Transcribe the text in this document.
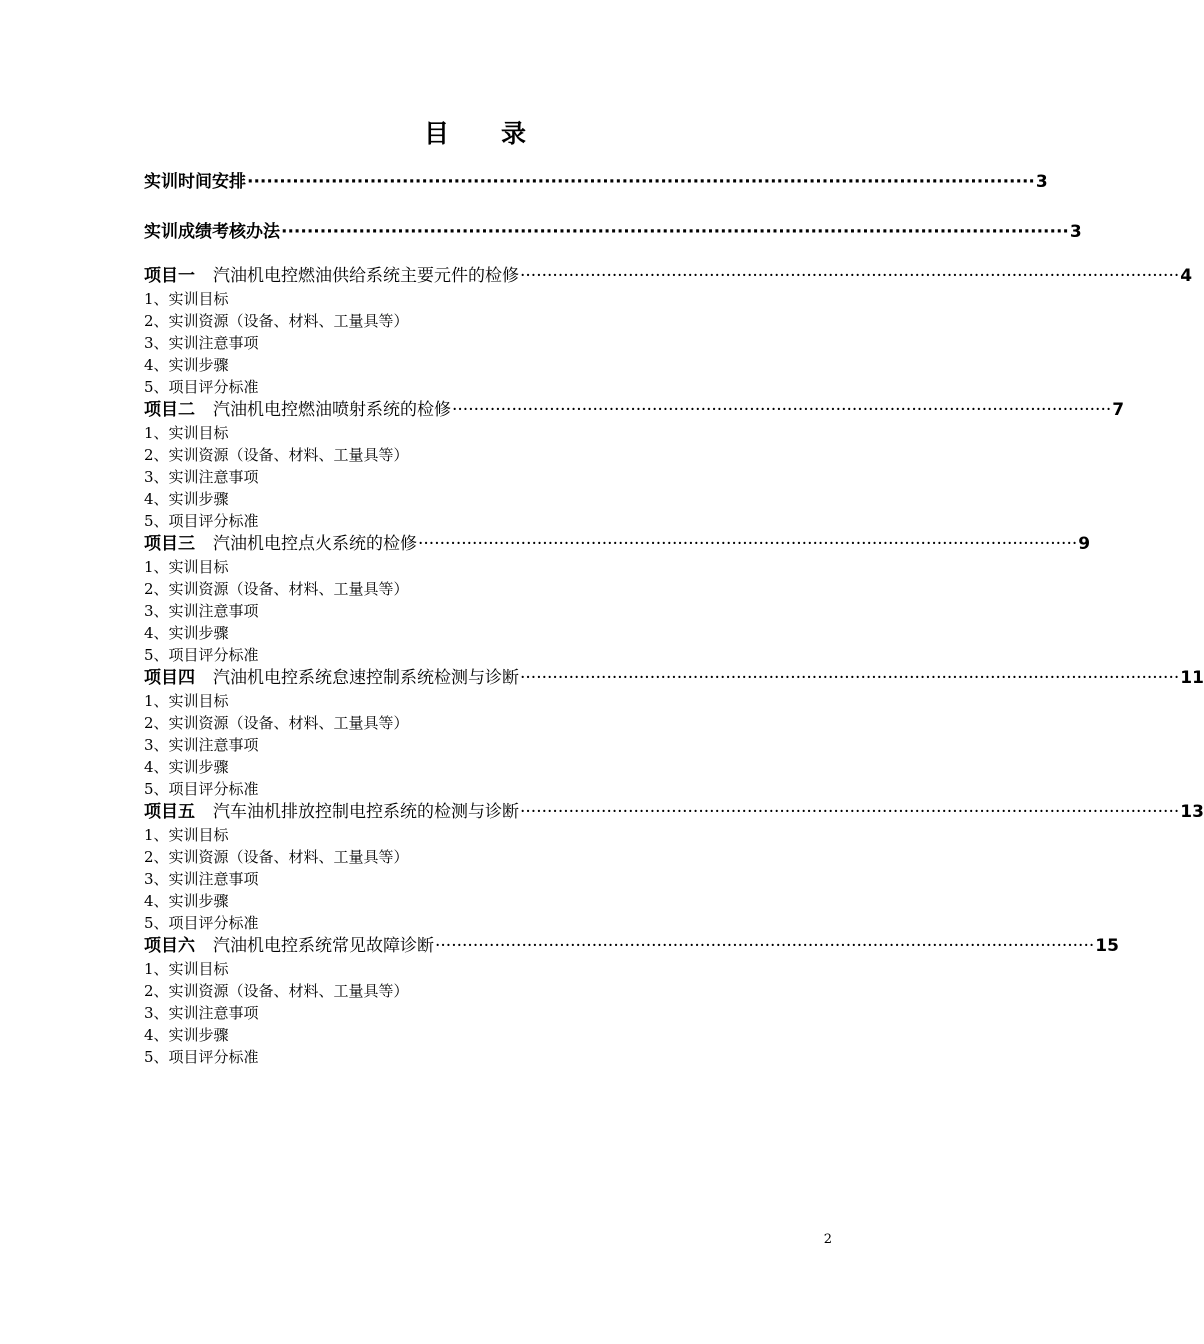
目 录
实训时间安排 ·························································································································· 3
实训成绩考核办法 ·························································································································· 3
项目一 汽油机电控燃油供给系统主要元件的检修 ·························································································································· 4
1、实训目标
2、实训资源（设备、材料、工量具等）
3、实训注意事项
4、实训步骤
5、项目评分标准
项目二 汽油机电控燃油喷射系统的检修 ·························································································································· 7
1、实训目标
2、实训资源（设备、材料、工量具等）
3、实训注意事项
4、实训步骤
5、项目评分标准
项目三 汽油机电控点火系统的检修 ·························································································································· 9
1、实训目标
2、实训资源（设备、材料、工量具等）
3、实训注意事项
4、实训步骤
5、项目评分标准
项目四 汽油机电控系统怠速控制系统检测与诊断 ·························································································································· 11
1、实训目标
2、实训资源（设备、材料、工量具等）
3、实训注意事项
4、实训步骤
5、项目评分标准
项目五 汽车油机排放控制电控系统的检测与诊断 ·························································································································· 13
1、实训目标
2、实训资源（设备、材料、工量具等）
3、实训注意事项
4、实训步骤
5、项目评分标准
项目六 汽油机电控系统常见故障诊断 ·························································································································· 15
1、实训目标
2、实训资源（设备、材料、工量具等）
3、实训注意事项
4、实训步骤
5、项目评分标准
2
